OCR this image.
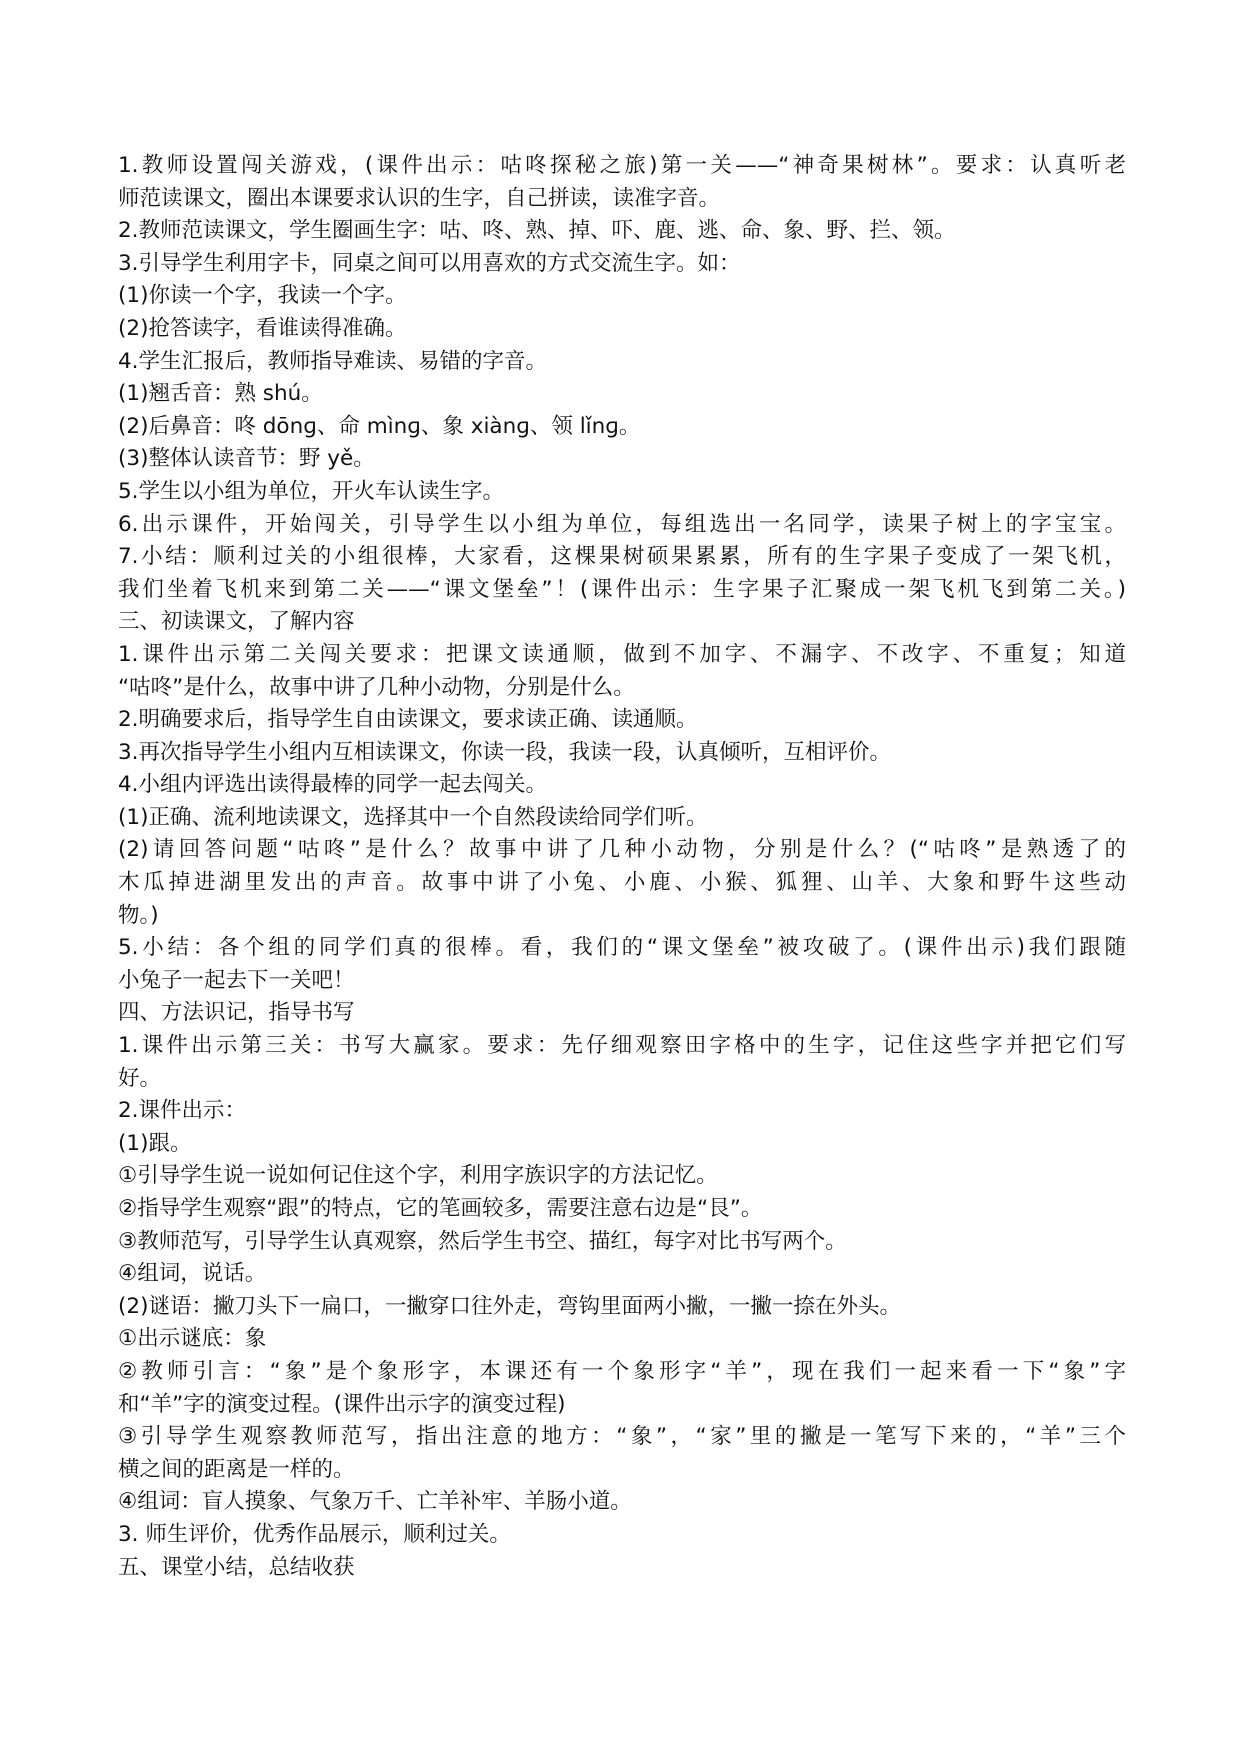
1.教师设置闯关游戏，(课件出示：咕咚探秘之旅)第一关——“神奇果树林”。要求：认真听老
师范读课文，圈出本课要求认识的生字，自己拼读，读准字音。
2.教师范读课文，学生圈画生字：咕、咚、熟、掉、吓、鹿、逃、命、象、野、拦、领。
3.引导学生利用字卡，同桌之间可以用喜欢的方式交流生字。如：
(1)你读一个字，我读一个字。
(2)抢答读字，看谁读得准确。
4.学生汇报后，教师指导难读、易错的字音。
(1)翘舌音：熟 shú。
(2)后鼻音：咚 dōnɡ、命 mìnɡ、象 xiànɡ、领 lǐnɡ。
(3)整体认读音节：野 yě。
5.学生以小组为单位，开火车认读生字。
6.出示课件，开始闯关，引导学生以小组为单位，每组选出一名同学，读果子树上的字宝宝。
7.小结：顺利过关的小组很棒，大家看，这棵果树硕果累累，所有的生字果子变成了一架飞机，
我们坐着飞机来到第二关——“课文堡垒”！(课件出示：生字果子汇聚成一架飞机飞到第二关。)
三、初读课文，了解内容
1.课件出示第二关闯关要求：把课文读通顺，做到不加字、不漏字、不改字、不重复；知道
“咕咚”是什么，故事中讲了几种小动物，分别是什么。
2.明确要求后，指导学生自由读课文，要求读正确、读通顺。
3.再次指导学生小组内互相读课文，你读一段，我读一段，认真倾听，互相评价。
4.小组内评选出读得最棒的同学一起去闯关。
(1)正确、流利地读课文，选择其中一个自然段读给同学们听。
(2)请回答问题“咕咚”是什么？故事中讲了几种小动物，分别是什么？(“咕咚”是熟透了的
木瓜掉进湖里发出的声音。故事中讲了小兔、小鹿、小猴、狐狸、山羊、大象和野牛这些动
物。)
5.小结：各个组的同学们真的很棒。看，我们的“课文堡垒”被攻破了。(课件出示)我们跟随
小兔子一起去下一关吧！
四、方法识记，指导书写
1.课件出示第三关：书写大赢家。要求：先仔细观察田字格中的生字，记住这些字并把它们写
好。
2.课件出示：
(1)跟。
①引导学生说一说如何记住这个字，利用字族识字的方法记忆。
②指导学生观察“跟”的特点，它的笔画较多，需要注意右边是“艮”。
③教师范写，引导学生认真观察，然后学生书空、描红，每字对比书写两个。
④组词，说话。
(2)谜语：撇刀头下一扁口，一撇穿口往外走，弯钩里面两小撇，一撇一捺在外头。
①出示谜底：象
②教师引言：“象”是个象形字，本课还有一个象形字“羊”，现在我们一起来看一下“象”字
和“羊”字的演变过程。(课件出示字的演变过程)
③引导学生观察教师范写，指出注意的地方：“象”，“家”里的撇是一笔写下来的，“羊”三个
横之间的距离是一样的。
④组词：盲人摸象、气象万千、亡羊补牢、羊肠小道。
3. 师生评价，优秀作品展示，顺利过关。
五、课堂小结，总结收获
